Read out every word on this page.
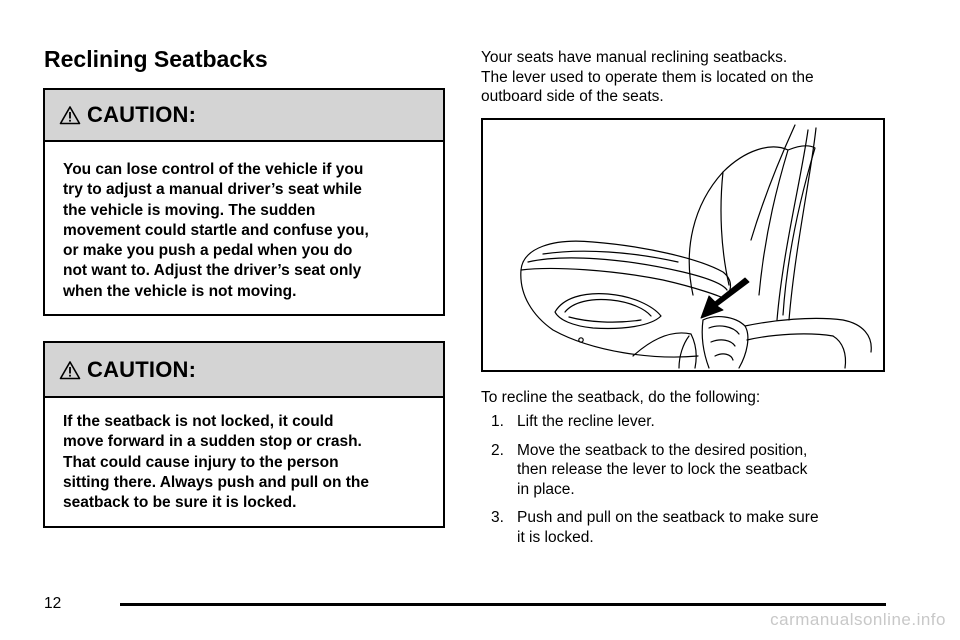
Reclining Seatbacks
CAUTION:
You can lose control of the vehicle if you
try to adjust a manual driver’s seat while
the vehicle is moving. The sudden
movement could startle and confuse you,
or make you push a pedal when you do
not want to. Adjust the driver’s seat only
when the vehicle is not moving.
CAUTION:
If the seatback is not locked, it could
move forward in a sudden stop or crash.
That could cause injury to the person
sitting there. Always push and pull on the
seatback to be sure it is locked.
Your seats have manual reclining seatbacks.
The lever used to operate them is located on the
outboard side of the seats.
To recline the seatback, do the following:
1. Lift the recline lever.
2. Move the seatback to the desired position,
then release the lever to lock the seatback
in place.
3. Push and pull on the seatback to make sure
it is locked.
12
carmanualsonline.info
